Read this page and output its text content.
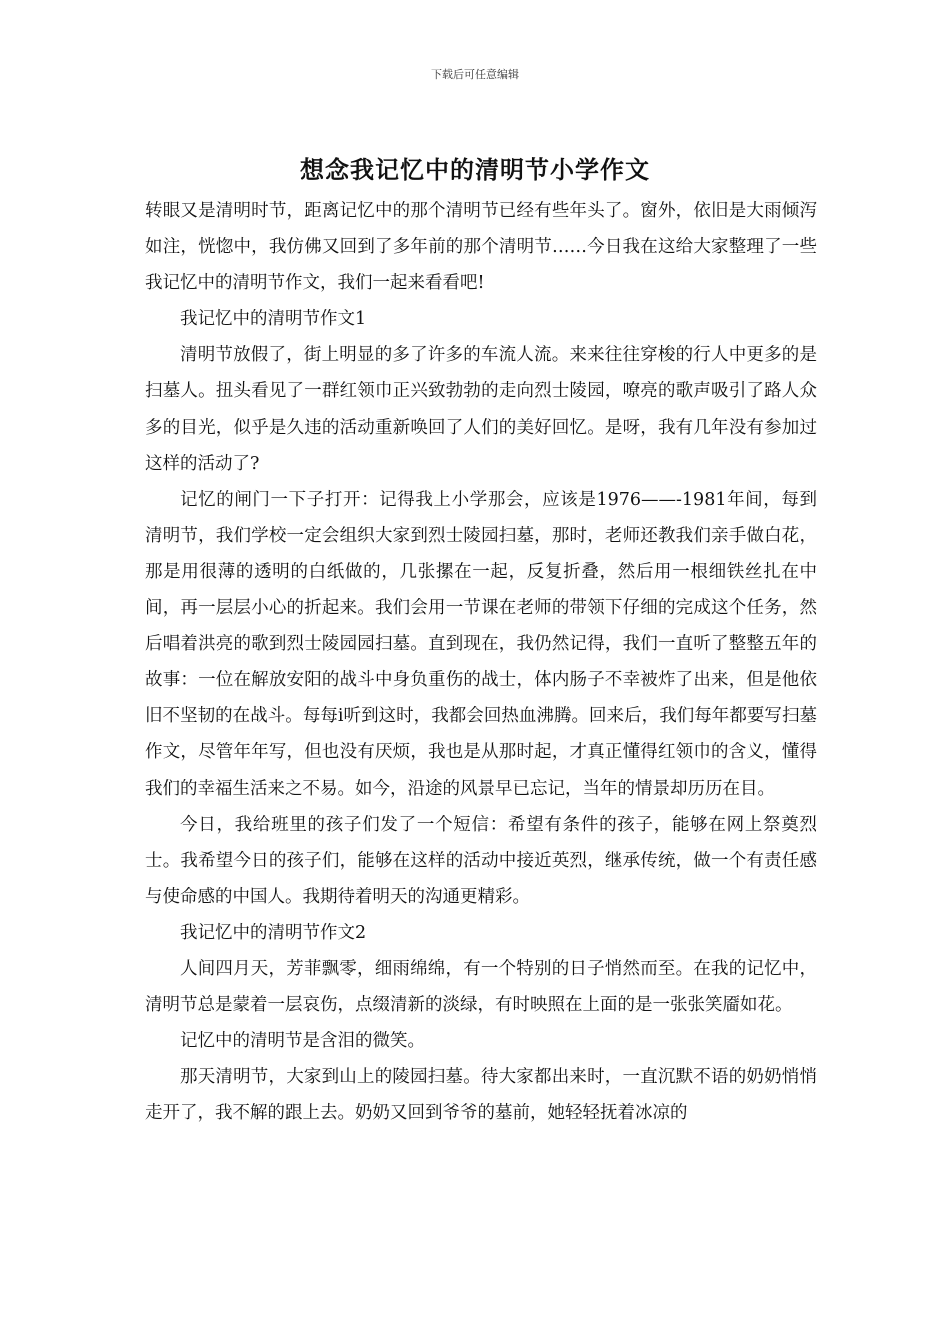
下载后可任意编辑
想念我记忆中的清明节小学作文

转眼又是清明时节，距离记忆中的那个清明节已经有些年头了。窗外，依旧是大雨倾泻如注，恍惚中，我仿佛又回到了多年前的那个清明节……今日我在这给大家整理了一些我记忆中的清明节作文，我们一起来看看吧!

我记忆中的清明节作文1

清明节放假了，街上明显的多了许多的车流人流。来来往往穿梭的行人中更多的是扫墓人。扭头看见了一群红领巾正兴致勃勃的走向烈士陵园，嘹亮的歌声吸引了路人众多的目光，似乎是久违的活动重新唤回了人们的美好回忆。是呀，我有几年没有参加过这样的活动了?

记忆的闸门一下子打开：记得我上小学那会，应该是1976——-1981年间，每到清明节，我们学校一定会组织大家到烈士陵园扫墓，那时，老师还教我们亲手做白花，那是用很薄的透明的白纸做的，几张摞在一起，反复折叠，然后用一根细铁丝扎在中间，再一层层小心的折起来。我们会用一节课在老师的带领下仔细的完成这个任务，然后唱着洪亮的歌到烈士陵园园扫墓。直到现在，我仍然记得，我们一直听了整整五年的故事：一位在解放安阳的战斗中身负重伤的战士，体内肠子不幸被炸了出来，但是他依旧不坚韧的在战斗。每每i听到这时，我都会回热血沸腾。回来后，我们每年都要写扫墓作文，尽管年年写，但也没有厌烦，我也是从那时起，才真正懂得红领巾的含义，懂得我们的幸福生活来之不易。如今，沿途的风景早已忘记，当年的情景却历历在目。

今日，我给班里的孩子们发了一个短信：希望有条件的孩子，能够在网上祭奠烈士。我希望今日的孩子们，能够在这样的活动中接近英烈，继承传统，做一个有责任感与使命感的中国人。我期待着明天的沟通更精彩。

我记忆中的清明节作文2

人间四月天，芳菲飘零，细雨绵绵，有一个特别的日子悄然而至。在我的记忆中，清明节总是蒙着一层哀伤，点缀清新的淡绿，有时映照在上面的是一张张笑靥如花。

记忆中的清明节是含泪的微笑。

那天清明节，大家到山上的陵园扫墓。待大家都出来时，一直沉默不语的奶奶悄悄走开了，我不解的跟上去。奶奶又回到爷爷的墓前，她轻轻抚着冰凉的
